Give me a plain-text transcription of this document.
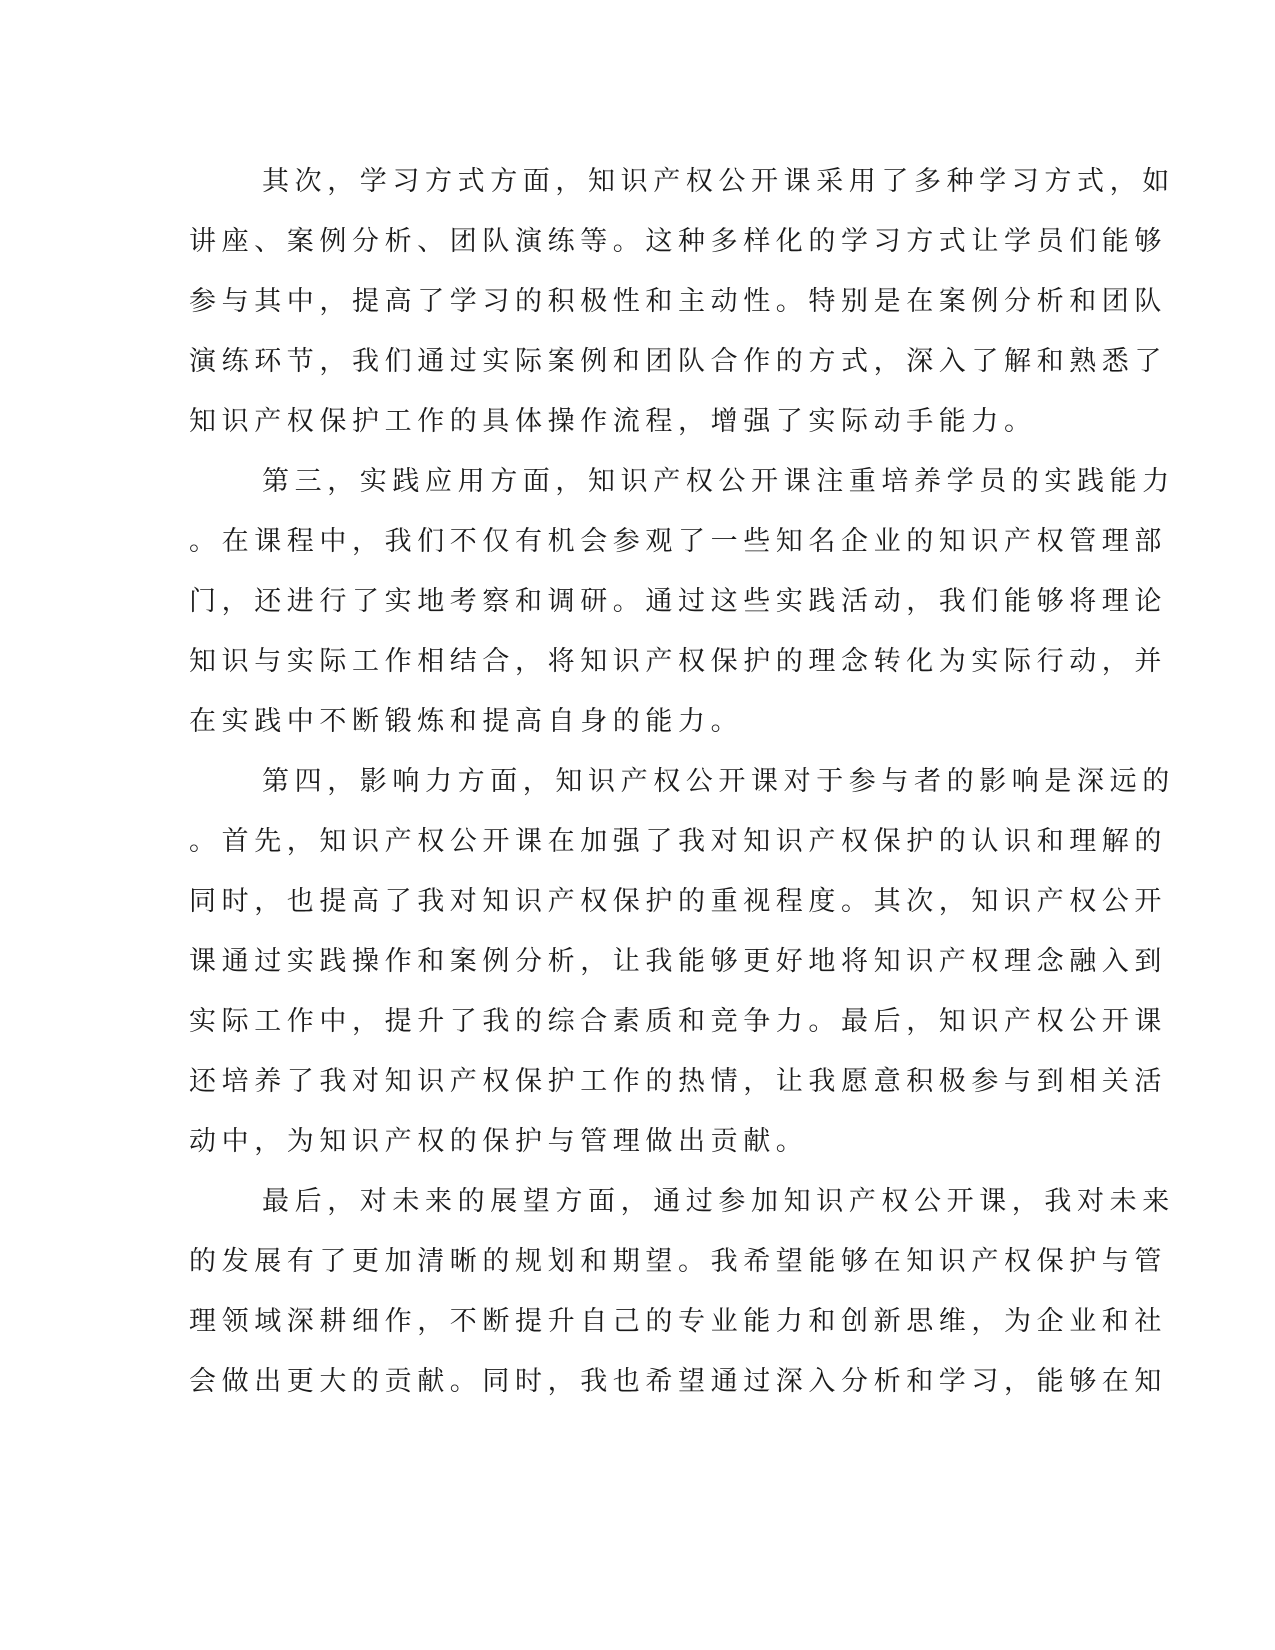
其次，学习方式方面，知识产权公开课采用了多种学习方式，如
讲座、案例分析、团队演练等。这种多样化的学习方式让学员们能够
参与其中，提高了学习的积极性和主动性。特别是在案例分析和团队
演练环节，我们通过实际案例和团队合作的方式，深入了解和熟悉了
知识产权保护工作的具体操作流程，增强了实际动手能力。
第三，实践应用方面，知识产权公开课注重培养学员的实践能力
。在课程中，我们不仅有机会参观了一些知名企业的知识产权管理部
门，还进行了实地考察和调研。通过这些实践活动，我们能够将理论
知识与实际工作相结合，将知识产权保护的理念转化为实际行动，并
在实践中不断锻炼和提高自身的能力。
第四，影响力方面，知识产权公开课对于参与者的影响是深远的
。首先，知识产权公开课在加强了我对知识产权保护的认识和理解的
同时，也提高了我对知识产权保护的重视程度。其次，知识产权公开
课通过实践操作和案例分析，让我能够更好地将知识产权理念融入到
实际工作中，提升了我的综合素质和竞争力。最后，知识产权公开课
还培养了我对知识产权保护工作的热情，让我愿意积极参与到相关活
动中，为知识产权的保护与管理做出贡献。
最后，对未来的展望方面，通过参加知识产权公开课，我对未来
的发展有了更加清晰的规划和期望。我希望能够在知识产权保护与管
理领域深耕细作，不断提升自己的专业能力和创新思维，为企业和社
会做出更大的贡献。同时，我也希望通过深入分析和学习，能够在知
